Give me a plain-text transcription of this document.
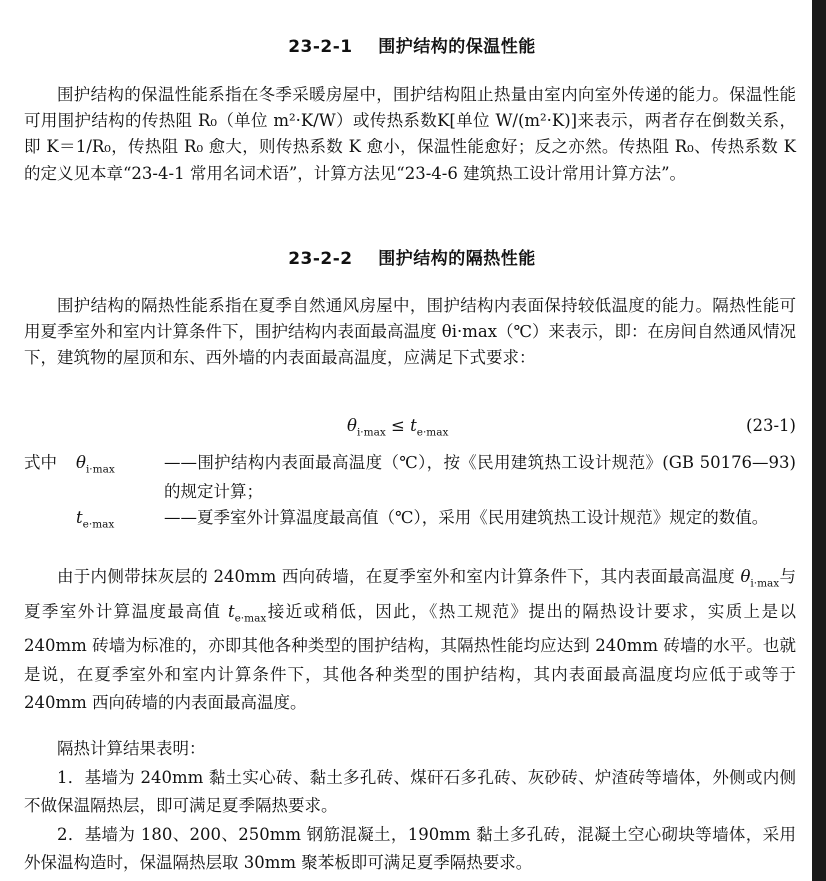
23-2-1    围护结构的保温性能

围护结构的保温性能系指在冬季采暖房屋中，围护结构阻止热量由室内向室外传递的能力。保温性能可用围护结构的传热阻 R₀（单位 m²·K/W）或传热系数K[单位 W/(m²·K)]来表示，两者存在倒数关系，即 K＝1/R₀，传热阻 R₀ 愈大，则传热系数 K 愈小，保温性能愈好；反之亦然。传热阻 R₀、传热系数 K 的定义见本章“23-4-1 常用名词术语”，计算方法见“23-4-6 建筑热工设计常用计算方法”。

23-2-2    围护结构的隔热性能

围护结构的隔热性能系指在夏季自然通风房屋中，围护结构内表面保持较低温度的能力。隔热性能可用夏季室外和室内计算条件下，围护结构内表面最高温度 θi·max（℃）来表示，即：在房间自然通风情况下，建筑物的屋顶和东、西外墙的内表面最高温度，应满足下式要求：

$\theta_{i\cdot max} \le t_{e\cdot max}$	(23-1)
式中 $\theta_{i\cdot max}$	——围护结构内表面最高温度（℃），按《民用建筑热工设计规范》(GB 50176—93) 的规定计算；
$t_{e\cdot max}$	——夏季室外计算温度最高值（℃），采用《民用建筑热工设计规范》规定的数值。

由于内侧带抹灰层的 240mm 西向砖墙，在夏季室外和室内计算条件下，其内表面最高温度 $\theta_{i\cdot max}$与夏季室外计算温度最高值 $t_{e\cdot max}$接近或稍低，因此，《热工规范》提出的隔热设计要求，实质上是以 240mm 砖墙为标准的，亦即其他各种类型的围护结构，其隔热性能均应达到 240mm 砖墙的水平。也就是说，在夏季室外和室内计算条件下，其他各种类型的围护结构，其内表面最高温度均应低于或等于 240mm 西向砖墙的内表面最高温度。

隔热计算结果表明：

1．基墙为 240mm 黏土实心砖、黏土多孔砖、煤矸石多孔砖、灰砂砖、炉渣砖等墙体，外侧或内侧不做保温隔热层，即可满足夏季隔热要求。

2．基墙为 180、200、250mm 钢筋混凝土，190mm 黏土多孔砖，混凝土空心砌块等墙体，采用外保温构造时，保温隔热层取 30mm 聚苯板即可满足夏季隔热要求。
